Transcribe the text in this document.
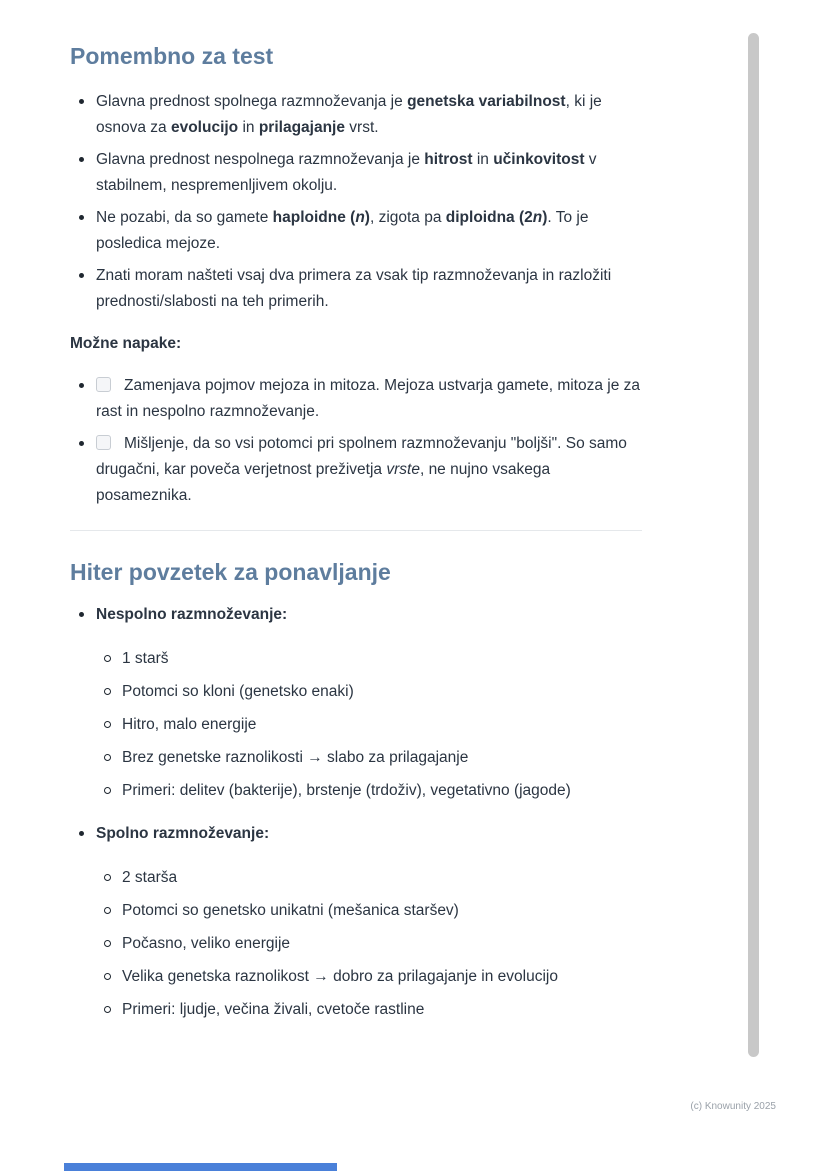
Pomembno za test
Glavna prednost spolnega razmnoževanja je genetska variabilnost, ki je osnova za evolucijo in prilagajanje vrst.
Glavna prednost nespolnega razmnoževanja je hitrost in učinkovitost v stabilnem, nespremenljivem okolju.
Ne pozabi, da so gamete haploidne (n), zigota pa diploidna (2n). To je posledica mejoze.
Znati moram našteti vsaj dva primera za vsak tip razmnoževanja in razložiti prednosti/slabosti na teh primerih.

Možne napake:

Zamenjava pojmov mejoza in mitoza. Mejoza ustvarja gamete, mitoza je za rast in nespolno razmnoževanje.
Mišljenje, da so vsi potomci pri spolnem razmnoževanju "boljši". So samo drugačni, kar poveča verjetnost preživetja vrste, ne nujno vsakega posameznika.
Hiter povzetek za ponavljanje
Nespolno razmnoževanje:
1 starš
Potomci so kloni (genetsko enaki)
Hitro, malo energije
Brez genetske raznolikosti → slabo za prilagajanje
Primeri: delitev (bakterije), brstenje (trdoživ), vegetativno (jagode)
Spolno razmnoževanje:
2 starša
Potomci so genetsko unikatni (mešanica staršev)
Počasno, veliko energije
Velika genetska raznolikost → dobro za prilagajanje in evolucijo
Primeri: ljudje, večina živali, cvetoče rastline
(c) Knowunity 2025
